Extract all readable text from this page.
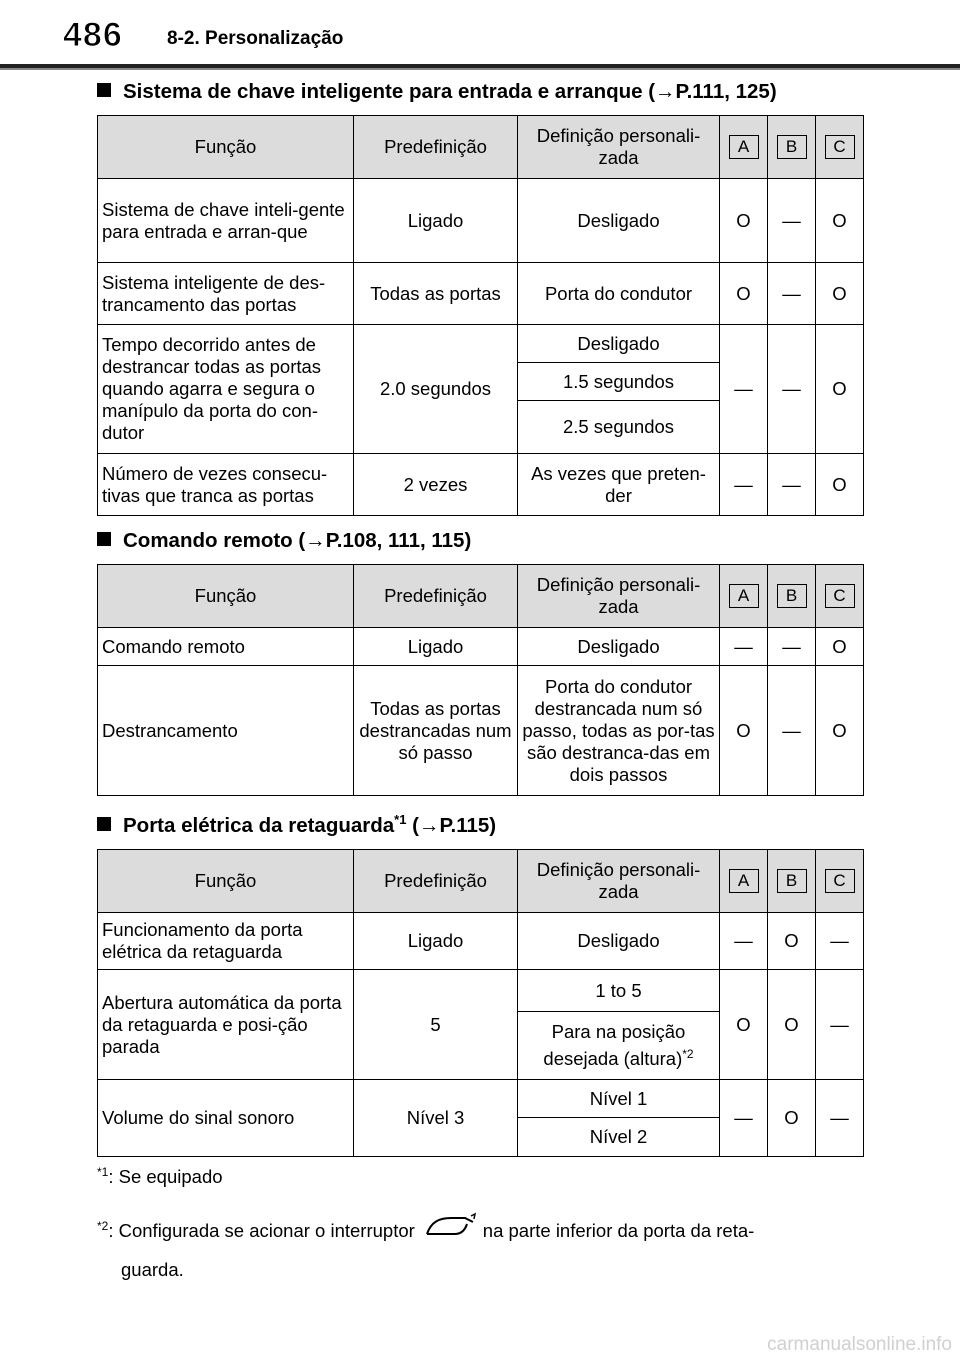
486 8-2. Personalização
Sistema de chave inteligente para entrada e arranque (→P.111, 125)
Função	Predefinição	Definição personali-zada	A	B	C
Sistema de chave inteli-gente para entrada e arran-que	Ligado	Desligado	O	—	O
Sistema inteligente de des-trancamento das portas	Todas as portas	Porta do condutor	O	—	O
Tempo decorrido antes de destrancar todas as portas quando agarra e segura o manípulo da porta do con-dutor	2.0 segundos	Desligado	—	—	O
		1.5 segundos			
		2.5 segundos			
Número de vezes consecu-tivas que tranca as portas	2 vezes	As vezes que preten-der	—	—	O
Comando remoto (→P.108, 111, 115)
Função	Predefinição	Definição personali-zada	A	B	C
Comando remoto	Ligado	Desligado	—	—	O
Destrancamento	Todas as portas destrancadas num só passo	Porta do condutor destrancada num só passo, todas as por-tas são destranca-das em dois passos	O	—	O
Porta elétrica da retaguarda$^{*1}$ (→P.115)
Função	Predefinição	Definição personali-zada	A	B	C
Funcionamento da porta elétrica da retaguarda	Ligado	Desligado	—	O	—
Abertura automática da porta da retaguarda e posi-ção parada	5	1 to 5	O	O	—
		Para na posição desejada (altura)$^{*2}$
Volume do sinal sonoro	Nível 3	Nível 1	—	O	—
		Nível 2			
$^{*1}$: Se equipado
$^{*2}$: Configurada se acionar o interruptor	na parte inferior da porta da reta-
guarda.
carmanualsonline.info
